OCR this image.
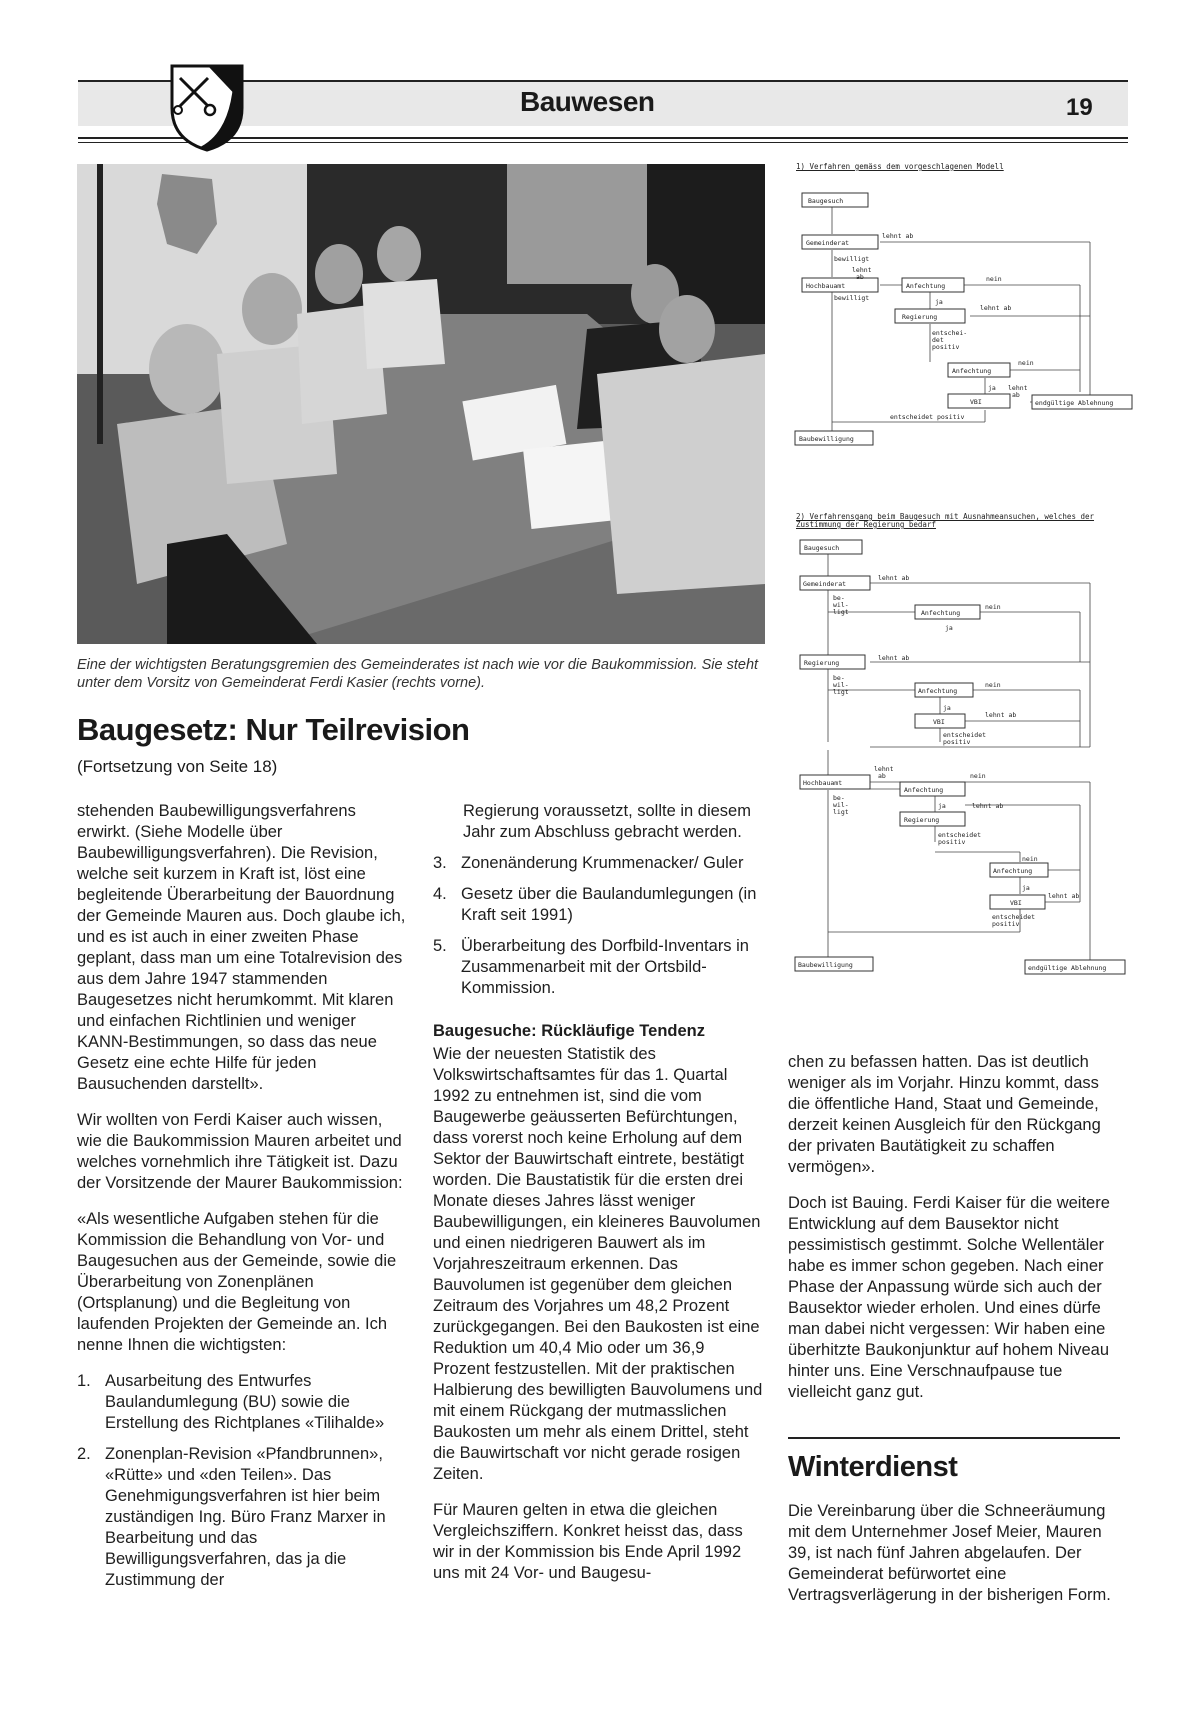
Bauwesen	19
Eine der wichtigsten Beratungsgremien des Gemeinderates ist nach wie vor die Baukommission. Sie steht unter dem Vorsitz von Gemeinderat Ferdi Kasier (rechts vorne).
Baugesetz: Nur Teilrevision
(Fortsetzung von Seite 18)

stehenden Baubewilligungsverfahrens erwirkt. (Siehe Modelle über Baubewilligungsverfahren). Die Revision, welche seit kurzem in Kraft ist, löst eine begleitende Überarbeitung der Bauordnung der Gemeinde Mauren aus. Doch glaube ich, und es ist auch in einer zweiten Phase geplant, dass man um eine Totalrevision des aus dem Jahre 1947 stammenden Baugesetzes nicht herumkommt. Mit klaren und einfachen Richtlinien und weniger KANN-Bestimmungen, so dass das neue Gesetz eine echte Hilfe für jeden Bausuchenden darstellt».

Wir wollten von Ferdi Kaiser auch wissen, wie die Baukommission Mauren arbeitet und welches vornehmlich ihre Tätigkeit ist. Dazu der Vorsitzende der Maurer Baukommission:

«Als wesentliche Aufgaben stehen für die Kommission die Behandlung von Vor- und Baugesuchen aus der Gemeinde, sowie die Überarbeitung von Zonenplänen (Ortsplanung) und die Begleitung von laufenden Projekten der Gemeinde an. Ich nenne Ihnen die wichtigsten:

1. Ausarbeitung des Entwurfes Baulandumlegung (BU) sowie die Erstellung des Richtplanes «Tilihalde»
2. Zonenplan-Revision «Pfandbrunnen», «Rütte» und «den Teilen». Das Genehmigungsverfahren ist hier beim zuständigen Ing. Büro Franz Marxer in Bearbeitung und das Bewilligungsverfahren, das ja die Zustimmung der
Regierung voraussetzt, sollte in diesem Jahr zum Abschluss gebracht werden.
3. Zonenänderung Krummenacker/ Guler
4. Gesetz über die Baulandumlegungen (in Kraft seit 1991)
5. Überarbeitung des Dorfbild-Inventars in Zusammenarbeit mit der Ortsbild-Kommission.
Baugesuche: Rückläufige Tendenz

Wie der neuesten Statistik des Volkswirtschaftsamtes für das 1. Quartal 1992 zu entnehmen ist, sind die vom Baugewerbe geäusserten Befürchtungen, dass vorerst noch keine Erholung auf dem Sektor der Bauwirtschaft eintrete, bestätigt worden. Die Baustatistik für die ersten drei Monate dieses Jahres lässt weniger Baubewilligungen, ein kleineres Bauvolumen und einen niedrigeren Bauwert als im Vorjahreszeitraum erkennen. Das Bauvolumen ist gegenüber dem gleichen Zeitraum des Vorjahres um 48,2 Prozent zurückgegangen. Bei den Baukosten ist eine Reduktion um 40,4 Mio oder um 36,9 Prozent festzustellen. Mit der praktischen Halbierung des bewilligten Bauvolumens und mit einem Rückgang der mutmasslichen Baukosten um mehr als einem Drittel, steht die Bauwirtschaft vor nicht gerade rosigen Zeiten.

Für Mauren gelten in etwa die gleichen Vergleichsziffern. Konkret heisst das, dass wir in der Kommission bis Ende April 1992 uns mit 24 Vor- und Baugesu-

chen zu befassen hatten. Das ist deutlich weniger als im Vorjahr. Hinzu kommt, dass die öffentliche Hand, Staat und Gemeinde, derzeit keinen Ausgleich für den Rückgang der privaten Bautätigkeit zu schaffen vermögen».

Doch ist Bauing. Ferdi Kaiser für die weitere Entwicklung auf dem Bausektor nicht pessimistisch gestimmt. Solche Wellentäler habe es immer schon gegeben. Nach einer Phase der Anpassung würde sich auch der Bausektor wieder erholen. Und eines dürfe man dabei nicht vergessen: Wir haben eine überhitzte Baukonjunktur auf hohem Niveau hinter uns. Eine Verschnaufpause tue vielleicht ganz gut.

Winterdienst
Die Vereinbarung über die Schneeräumung mit dem Unternehmer Josef Meier, Mauren 39, ist nach fünf Jahren abgelaufen. Der Gemeinderat befürwortet eine Vertragsverlägerung in der bisherigen Form.
1) Verfahren gemäss dem vorgeschlagenen Modell
Baugesuch
Gemeinderat
Hochbauamt	Anfechtung
Regierung
Anfechtung
VBI	endgültige Ablehnung
Baubewilligung
lehnt ab
bewilligt
lehnt
ab	nein
bewilligt	ja
lehnt ab
entschei-
det
positiv
nein
ja lehnt
ab
entscheidet positiv
2) Verfahrensgang beim Baugesuch mit Ausnahmeansuchen, welches der
Zustimmung der Regierung bedarf
Baugesuch
Gemeinderat
Anfechtung
Regierung
Anfechtung
VBI
Hochbauamt
Anfechtung
Regierung
Anfechtung
VBI
Baubewilligung	endgültige Ablehnung
lehnt ab
be-
wil-
ligt
nein
ja
lehnt ab
be-
wil-
ligt
nein
ja
lehnt ab
entscheidet
positiv
lehnt
ab	nein
be-
wil-
ligt
ja	lehnt ab
entscheidet
positiv
nein
ja
lehnt ab
entscheidet
positiv
